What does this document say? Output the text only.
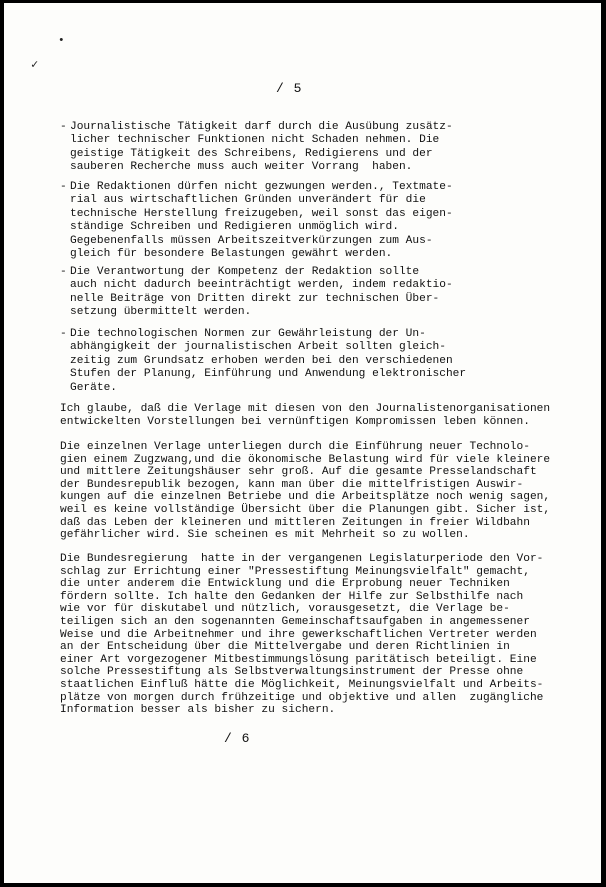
•
✓
/ 5
- Journalistische Tätigkeit darf durch die Ausübung zusätz-
licher technischer Funktionen nicht Schaden nehmen. Die
geistige Tätigkeit des Schreibens, Redigierens und der
sauberen Recherche muss auch weiter Vorrang  haben.
- Die Redaktionen dürfen nicht gezwungen werden., Textmate-
rial aus wirtschaftlichen Gründen unverändert für die
technische Herstellung freizugeben, weil sonst das eigen-
ständige Schreiben und Redigieren unmöglich wird.
Gegebenenfalls müssen Arbeitszeitverkürzungen zum Aus-
gleich für besondere Belastungen gewährt werden.
- Die Verantwortung der Kompetenz der Redaktion sollte
auch nicht dadurch beeinträchtigt werden, indem redaktio-
nelle Beiträge von Dritten direkt zur technischen Über-
setzung übermittelt werden.
- Die technologischen Normen zur Gewährleistung der Un-
abhängigkeit der journalistischen Arbeit sollten gleich-
zeitig zum Grundsatz erhoben werden bei den verschiedenen
Stufen der Planung, Einführung und Anwendung elektronischer
Geräte.
Ich glaube, daß die Verlage mit diesen von den Journalistenorganisationen
entwickelten Vorstellungen bei vernünftigen Kompromissen leben können.
Die einzelnen Verlage unterliegen durch die Einführung neuer Technolo-
gien einem Zugzwang,und die ökonomische Belastung wird für viele kleinere
und mittlere Zeitungshäuser sehr groß. Auf die gesamte Presselandschaft
der Bundesrepublik bezogen, kann man über die mittelfristigen Auswir-
kungen auf die einzelnen Betriebe und die Arbeitsplätze noch wenig sagen,
weil es keine vollständige Übersicht über die Planungen gibt. Sicher ist,
daß das Leben der kleineren und mittleren Zeitungen in freier Wildbahn
gefährlicher wird. Sie scheinen es mit Mehrheit so zu wollen.
Die Bundesregierung  hatte in der vergangenen Legislaturperiode den Vor-
schlag zur Errichtung einer "Pressestiftung Meinungsvielfalt" gemacht,
die unter anderem die Entwicklung und die Erprobung neuer Techniken
fördern sollte. Ich halte den Gedanken der Hilfe zur Selbsthilfe nach
wie vor für diskutabel und nützlich, vorausgesetzt, die Verlage be-
teiligen sich an den sogenannten Gemeinschaftsaufgaben in angemessener
Weise und die Arbeitnehmer und ihre gewerkschaftlichen Vertreter werden
an der Entscheidung über die Mittelvergabe und deren Richtlinien in
einer Art vorgezogener Mitbestimmungslösung paritätisch beteiligt. Eine
solche Pressestiftung als Selbstverwaltungsinstrument der Presse ohne
staatlichen Einfluß hätte die Möglichkeit, Meinungsvielfalt und Arbeits-
plätze von morgen durch frühzeitige und objektive und allen  zugängliche
Information besser als bisher zu sichern.
/ 6
